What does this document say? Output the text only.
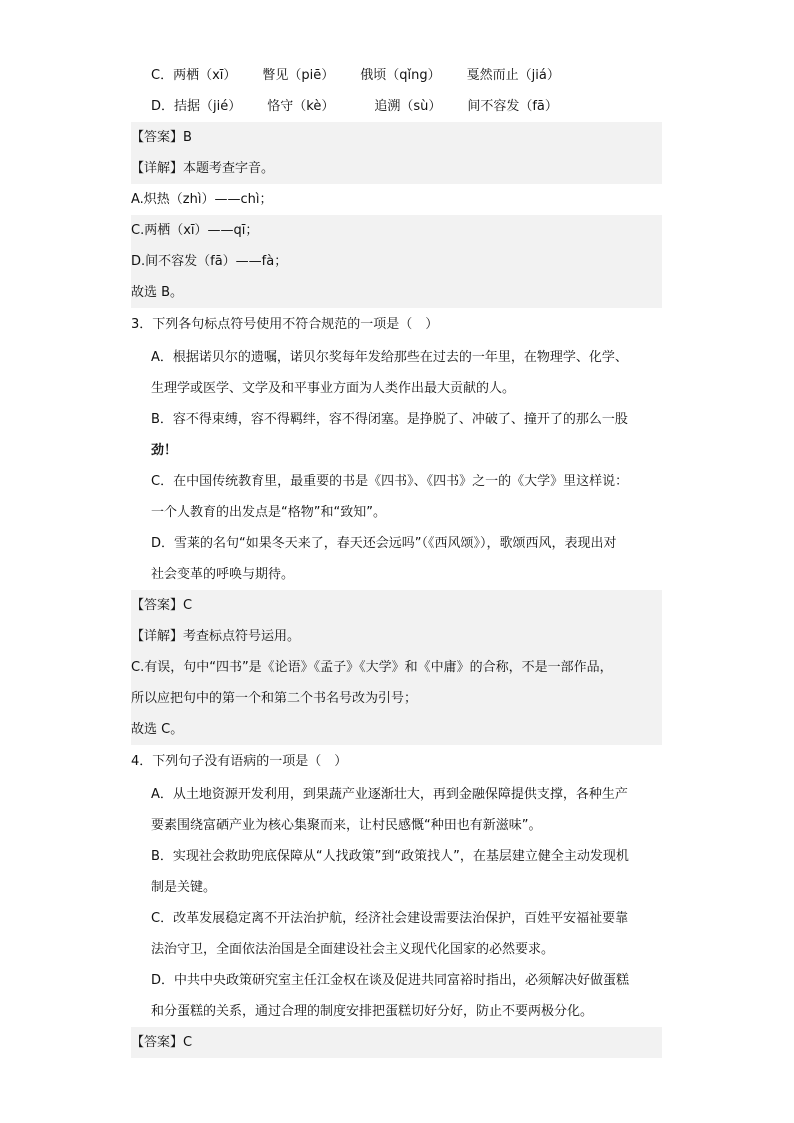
C．两栖（xī） 瞥见（piē） 俄顷（qǐng） 戛然而止（jiá）
D．拮据（jié） 恪守（kè）	追溯（sù） 间不容发（fā）
【答案】B
【详解】本题考查字音。
A.炽热（zhì）——chì；
C.两栖（xī）——qī；
D.间不容发（fā）——fà；
故选 B。
3．下列各句标点符号使用不符合规范的一项是（　）
A．根据诺贝尔的遗嘱，诺贝尔奖每年发给那些在过去的一年里，在物理学、化学、
生理学或医学、文学及和平事业方面为人类作出最大贡献的人。
B．容不得束缚，容不得羁绊，容不得闭塞。是挣脱了、冲破了、撞开了的那么一股
劲！
C．在中国传统教育里，最重要的书是《四书》、《四书》之一的《大学》里这样说：
一个人教育的出发点是“格物”和“致知”。
D．雪莱的名句“如果冬天来了，春天还会远吗”（《西风颂》），歌颂西风，表现出对
社会变革的呼唤与期待。
【答案】C
【详解】考查标点符号运用。
C.有误，句中“四书”是《论语》《孟子》《大学》和《中庸》的合称，不是一部作品，
所以应把句中的第一个和第二个书名号改为引号；
故选 C。
4．下列句子没有语病的一项是（　）
A．从土地资源开发利用，到果蔬产业逐渐壮大，再到金融保障提供支撑，各种生产
要素围绕富硒产业为核心集聚而来，让村民感慨“种田也有新滋味”。
B．实现社会救助兜底保障从“人找政策”到“政策找人”，在基层建立健全主动发现机
制是关键。
C．改革发展稳定离不开法治护航，经济社会建设需要法治保护，百姓平安福祉要靠
法治守卫，全面依法治国是全面建设社会主义现代化国家的必然要求。
D．中共中央政策研究室主任江金权在谈及促进共同富裕时指出，必须解决好做蛋糕
和分蛋糕的关系，通过合理的制度安排把蛋糕切好分好，防止不要两极分化。
【答案】C
